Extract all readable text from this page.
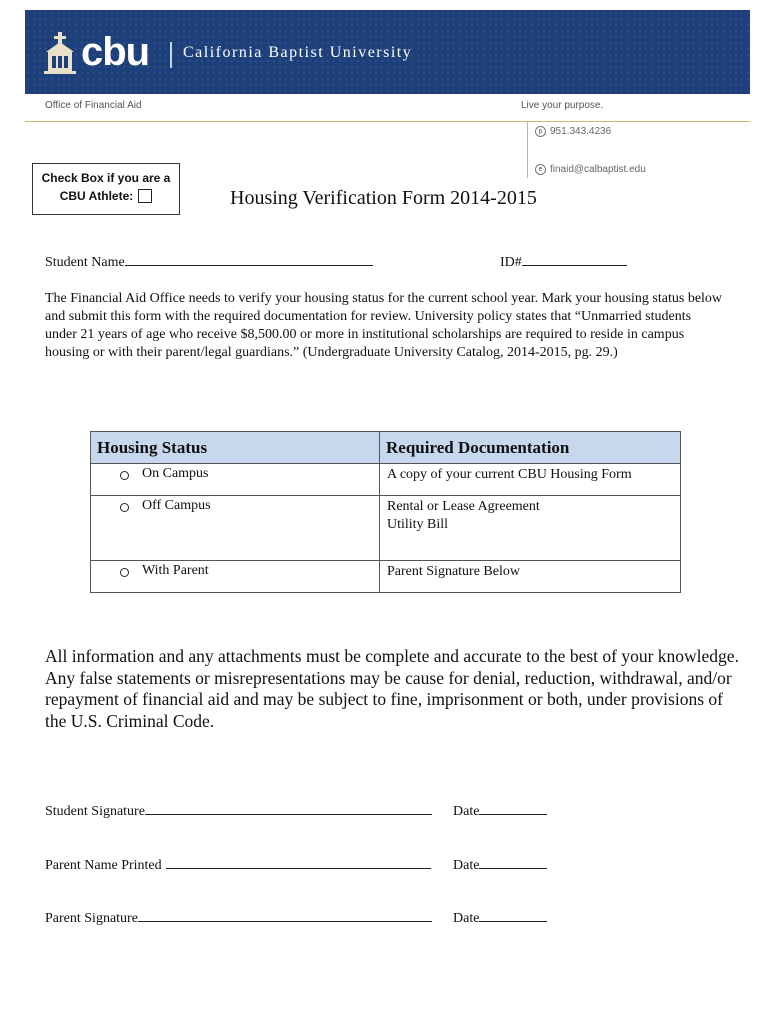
cbu California Baptist University
Office of Financial Aid	Live your purpose.
p 951.343.4236
e finaid@calbaptist.edu
Check Box if you are a
CBU Athlete:	Housing Verification Form 2014-2015
Student Name	ID#
The Financial Aid Office needs to verify your housing status for the current school year. Mark your housing status below and submit this form with the required documentation for review. University policy states that “Unmarried students under 21 years of age who receive $8,500.00 or more in institutional scholarships are required to reside in campus housing or with their parent/legal guardians.” (Undergraduate University Catalog, 2014-2015, pg. 29.)
Housing Status	Required Documentation

On Campus	A copy of your current CBU Housing Form

Off Campus	Rental or Lease Agreement
Utility Bill

With Parent	Parent Signature Below
All information and any attachments must be complete and accurate to the best of your knowledge. Any false statements or misrepresentations may be cause for denial, reduction, withdrawal, and/or repayment of financial aid and may be subject to fine, imprisonment or both, under provisions of the U.S. Criminal Code.
Student Signature	Date
Parent Name Printed	Date
Parent Signature	Date
